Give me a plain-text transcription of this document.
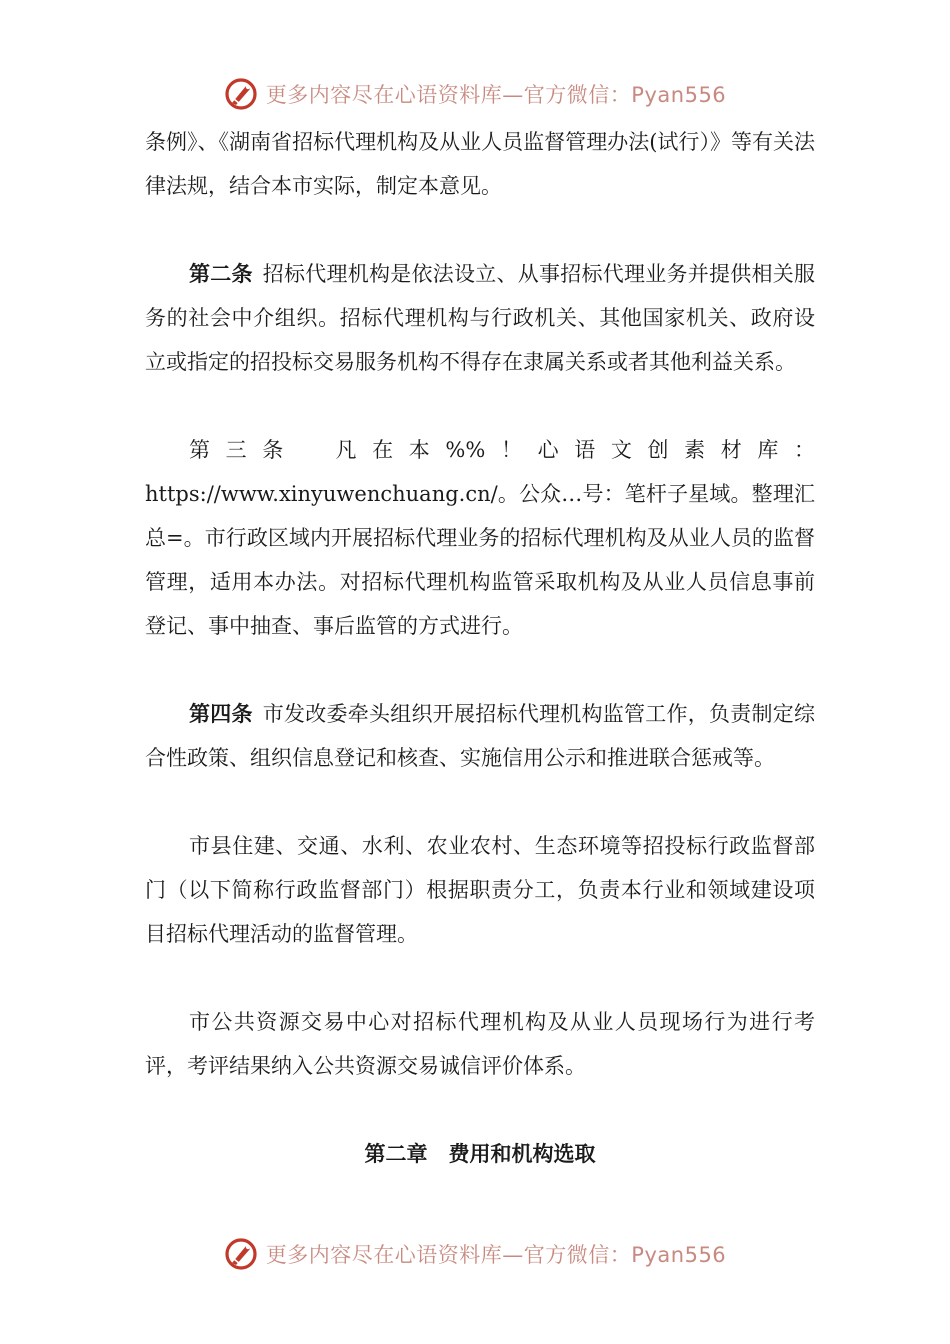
更多内容尽在心语资料库—官方微信：Pyan556

条例》、《湖南省招标代理机构及从业人员监督管理办法(试行）》等有关法律法规，结合本市实际，制定本意见。

第二条 招标代理机构是依法设立、从事招标代理业务并提供相关服务的社会中介组织。招标代理机构与行政机关、其他国家机关、政府设立或指定的招投标交易服务机构不得存在隶属关系或者其他利益关系。

第三条　凡在本%%！心语文创素材库：

https://www.xinyuwenchuang.cn/。公众…号：笔杆子星域。整理汇总=。市行政区域内开展招标代理业务的招标代理机构及从业人员的监督管理，适用本办法。对招标代理机构监管采取机构及从业人员信息事前登记、事中抽查、事后监管的方式进行。

第四条 市发改委牵头组织开展招标代理机构监管工作，负责制定综合性政策、组织信息登记和核查、实施信用公示和推进联合惩戒等。

市县住建、交通、水利、农业农村、生态环境等招投标行政监督部门（以下简称行政监督部门）根据职责分工，负责本行业和领域建设项目招标代理活动的监督管理。

市公共资源交易中心对招标代理机构及从业人员现场行为进行考评，考评结果纳入公共资源交易诚信评价体系。

第二章　费用和机构选取
更多内容尽在心语资料库—官方微信：Pyan556
